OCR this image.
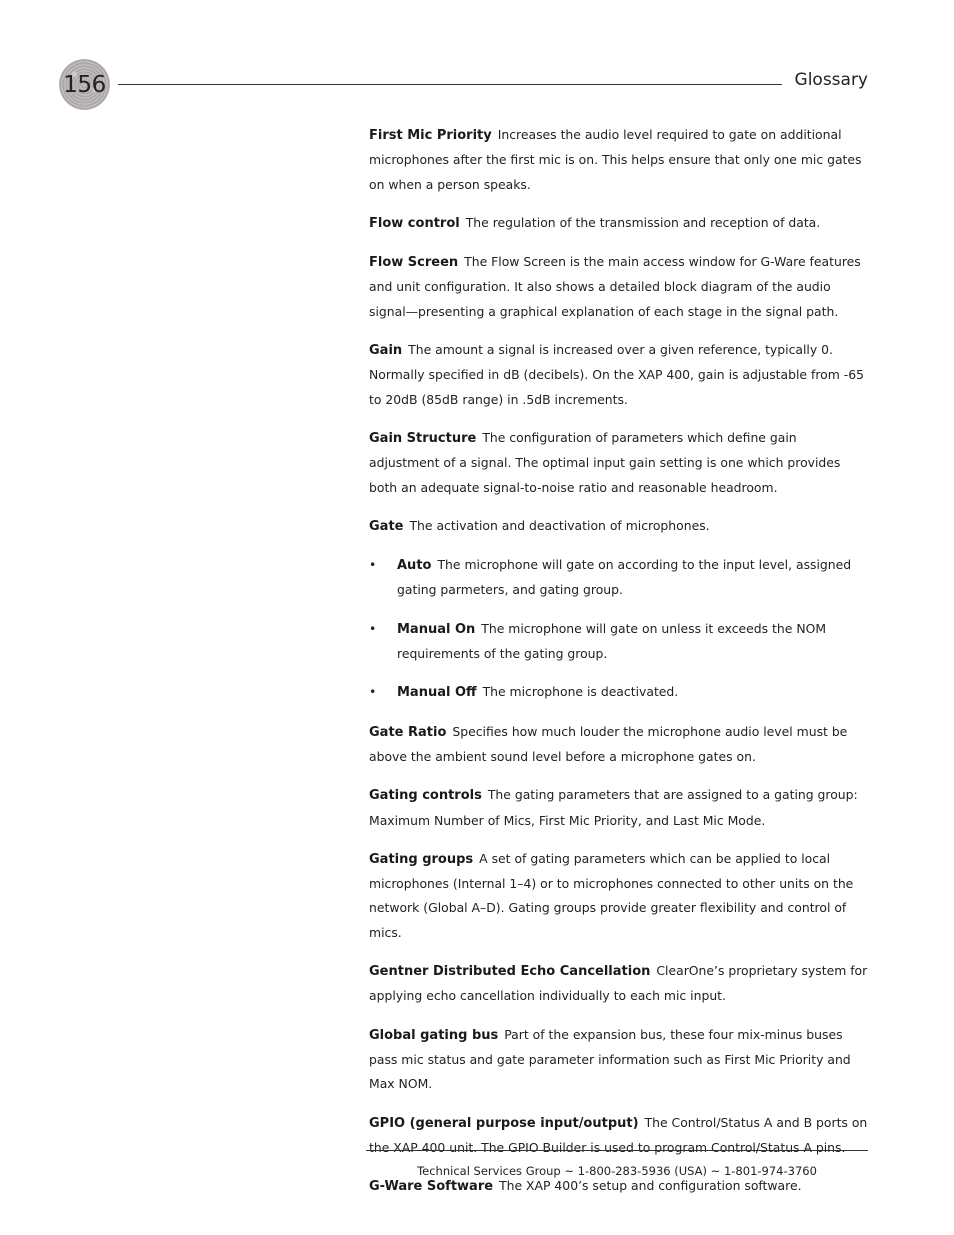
156	Glossary

First Mic Priority Increases the audio level required to gate on additional microphones after the first mic is on. This helps ensure that only one mic gates on when a person speaks.

Flow control The regulation of the transmission and reception of data.

Flow Screen The Flow Screen is the main access window for G-Ware features and unit configuration. It also shows a detailed block diagram of the audio signal—presenting a graphical explanation of each stage in the signal path.

Gain The amount a signal is increased over a given reference, typically 0. Normally specified in dB (decibels). On the XAP 400, gain is adjustable from -65 to 20dB (85dB range) in .5dB increments.

Gain Structure The configuration of parameters which define gain adjustment of a signal. The optimal input gain setting is one which provides both an adequate signal-to-noise ratio and reasonable headroom.

Gate The activation and deactivation of microphones.

• Auto The microphone will gate on according to the input level, assigned gating parmeters, and gating group.

• Manual On The microphone will gate on unless it exceeds the NOM requirements of the gating group.

• Manual Off The microphone is deactivated.

Gate Ratio Specifies how much louder the microphone audio level must be above the ambient sound level before a microphone gates on.

Gating controls The gating parameters that are assigned to a gating group: Maximum Number of Mics, First Mic Priority, and Last Mic Mode.

Gating groups A set of gating parameters which can be applied to local microphones (Internal 1–4) or to microphones connected to other units on the network (Global A–D). Gating groups provide greater flexibility and control of mics.

Gentner Distributed Echo Cancellation ClearOne’s proprietary system for applying echo cancellation individually to each mic input.

Global gating bus Part of the expansion bus, these four mix-minus buses pass mic status and gate parameter information such as First Mic Priority and Max NOM.

GPIO (general purpose input/output) The Control/Status A and B ports on the XAP 400 unit. The GPIO Builder is used to program Control/Status A pins.

G-Ware Software The XAP 400’s setup and configuration software.

Technical Services Group ~ 1-800-283-5936 (USA) ~ 1-801-974-3760
